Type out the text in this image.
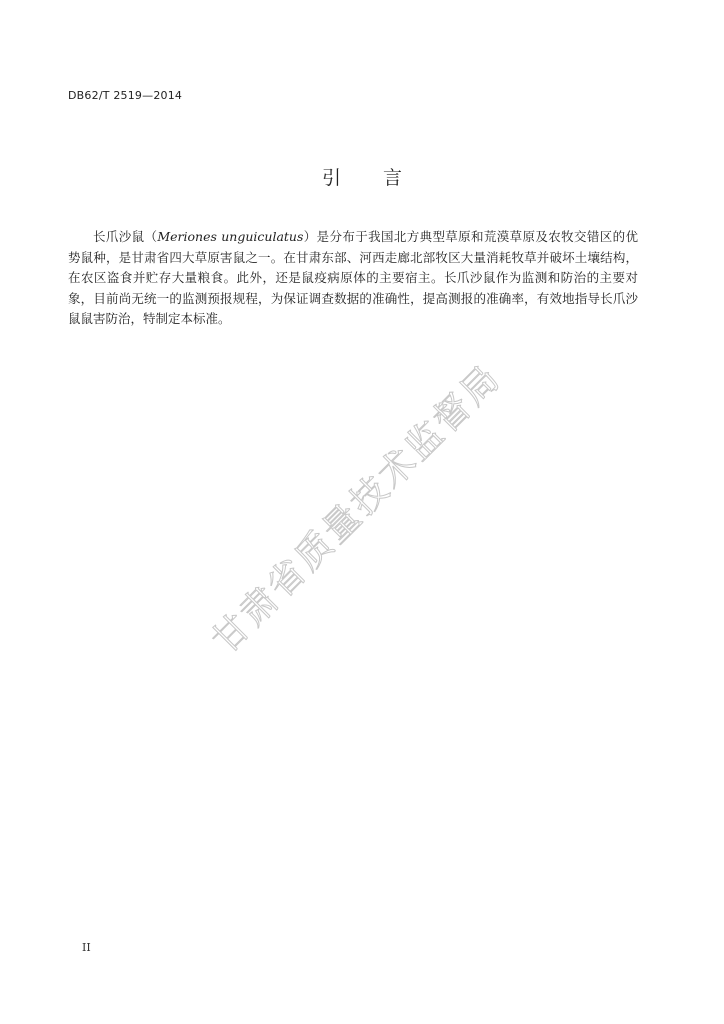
DB62/T 2519—2014
引 言
长爪沙鼠（Meriones unguiculatus）是分布于我国北方典型草原和荒漠草原及农牧交错区的优势鼠种，是甘肃省四大草原害鼠之一。在甘肃东部、河西走廊北部牧区大量消耗牧草并破坏土壤结构，在农区盗食并贮存大量粮食。此外，还是鼠疫病原体的主要宿主。长爪沙鼠作为监测和防治的主要对象，目前尚无统一的监测预报规程，为保证调查数据的准确性，提高测报的准确率，有效地指导长爪沙鼠鼠害防治，特制定本标准。
甘肃省质量技术监督局
II
